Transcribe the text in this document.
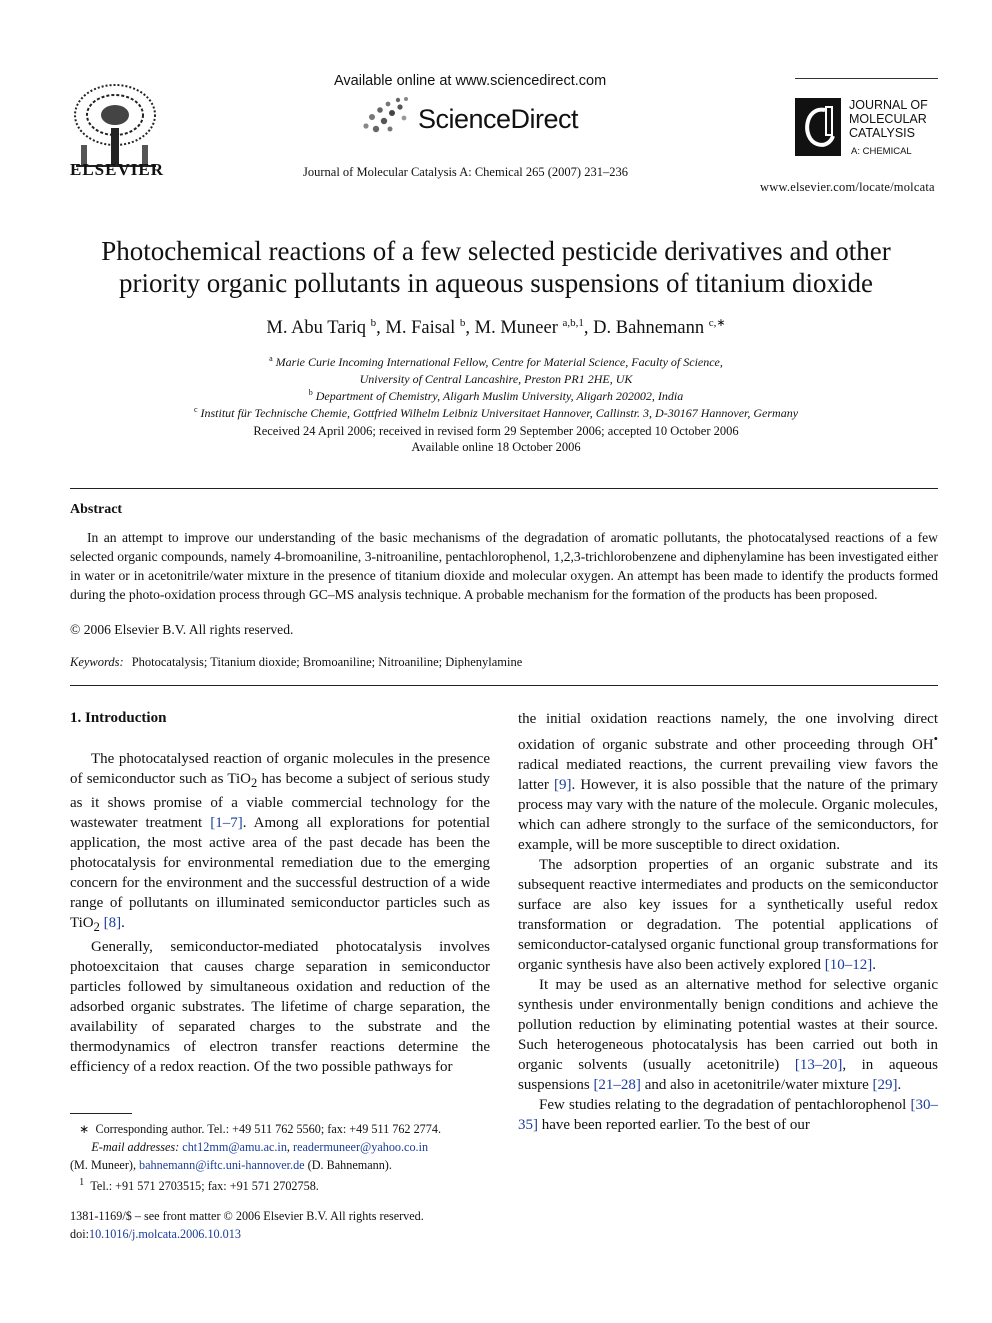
ELSEVIER
Available online at www.sciencedirect.com
ScienceDirect
Journal of Molecular Catalysis A: Chemical 265 (2007) 231–236
JOURNAL OF
MOLECULAR
CATALYSIS
A: CHEMICAL
www.elsevier.com/locate/molcata
Photochemical reactions of a few selected pesticide derivatives and other
priority organic pollutants in aqueous suspensions of titanium dioxide
M. Abu Tariq $^b$, M. Faisal $^b$, M. Muneer $^{a,b,1}$, D. Bahnemann $^{c,∗}$
$^a$ Marie Curie Incoming International Fellow, Centre for Material Science, Faculty of Science,
University of Central Lancashire, Preston PR1 2HE, UK
$^b$ Department of Chemistry, Aligarh Muslim University, Aligarh 202002, India
$^c$ Institut für Technische Chemie, Gottfried Wilhelm Leibniz Universitaet Hannover, Callinstr. 3, D-30167 Hannover, Germany
Received 24 April 2006; received in revised form 29 September 2006; accepted 10 October 2006
Available online 18 October 2006
Abstract
In an attempt to improve our understanding of the basic mechanisms of the degradation of aromatic pollutants, the photocatalysed reactions of a few selected organic compounds, namely 4-bromoaniline, 3-nitroaniline, pentachlorophenol, 1,2,3-trichlorobenzene and diphenylamine has been investigated either in water or in acetonitrile/water mixture in the presence of titanium dioxide and molecular oxygen. An attempt has been made to identify the products formed during the photo-oxidation process through GC–MS analysis technique. A probable mechanism for the formation of the products has been proposed.
© 2006 Elsevier B.V. All rights reserved.
Keywords: Photocatalysis; Titanium dioxide; Bromoaniline; Nitroaniline; Diphenylamine
1. Introduction

The photocatalysed reaction of organic molecules in the presence of semiconductor such as TiO$_2$ has become a subject of serious study as it shows promise of a viable commercial technology for the wastewater treatment [1–7]. Among all explorations for potential application, the most active area of the past decade has been the photocatalysis for environmental remediation due to the emerging concern for the environment and the successful destruction of a wide range of pollutants on illuminated semiconductor particles such as TiO$_2$ [8].

Generally, semiconductor-mediated photocatalysis involves photoexcitaion that causes charge separation in semiconductor particles followed by simultaneous oxidation and reduction of the adsorbed organic substrates. The lifetime of charge separation, the availability of separated charges to the substrate and the thermodynamics of electron transfer reactions determine the efficiency of a redox reaction. Of the two possible pathways for

the initial oxidation reactions namely, the one involving direct oxidation of organic substrate and other proceeding through OH• radical mediated reactions, the current prevailing view favors the latter [9]. However, it is also possible that the nature of the primary process may vary with the nature of the molecule. Organic molecules, which can adhere strongly to the surface of the semiconductors, for example, will be more susceptible to direct oxidation.

The adsorption properties of an organic substrate and its subsequent reactive intermediates and products on the semiconductor surface are also key issues for a synthetically useful redox transformation or degradation. The potential applications of semiconductor-catalysed organic functional group transformations for organic synthesis have also been actively explored [10–12].

It may be used as an alternative method for selective organic synthesis under environmentally benign conditions and achieve the pollution reduction by eliminating potential wastes at their source. Such heterogeneous photocatalysis has been carried out both in organic solvents (usually acetonitrile) [13–20], in aqueous suspensions [21–28] and also in acetonitrile/water mixture [29].

Few studies relating to the degradation of pentachlorophenol [30–35] have been reported earlier. To the best of our

∗ Corresponding author. Tel.: +49 511 762 5560; fax: +49 511 762 2774.
E-mail addresses: cht12mm@amu.ac.in, readermuneer@yahoo.co.in
(M. Muneer), bahnemann@iftc.uni-hannover.de (D. Bahnemann).
$^1$ Tel.: +91 571 2703515; fax: +91 571 2702758.
1381-1169/$ – see front matter © 2006 Elsevier B.V. All rights reserved.
doi:10.1016/j.molcata.2006.10.013
